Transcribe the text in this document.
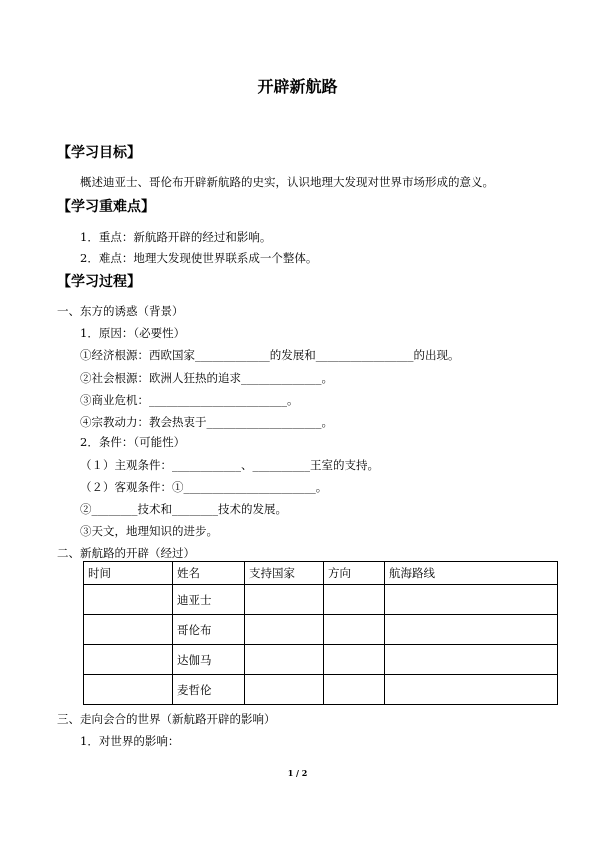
开辟新航路
【学习目标】
概述迪亚士、哥伦布开辟新航路的史实，认识地理大发现对世界市场形成的意义。
【学习重难点】
1．重点：新航路开辟的经过和影响。
2．难点：地理大发现使世界联系成一个整体。
【学习过程】
一、东方的诱惑（背景）
1．原因：（必要性）
①经济根源：西欧国家_____________的发展和_________________的出现。
②社会根源：欧洲人狂热的追求______________。
③商业危机：________________________。
④宗教动力：教会热衷于____________________。
2．条件：（可能性）
（１）主观条件：____________、__________王室的支持。
（２）客观条件：①_______________________。
②________技术和________技术的发展。
③天文，地理知识的进步。
二、新航路的开辟（经过）
时间	姓名	支持国家	方向	航海路线
	迪亚士			
	哥伦布			
	达伽马			
	麦哲伦			
三、走向会合的世界（新航路开辟的影响）
1．对世界的影响：
1 / 2
